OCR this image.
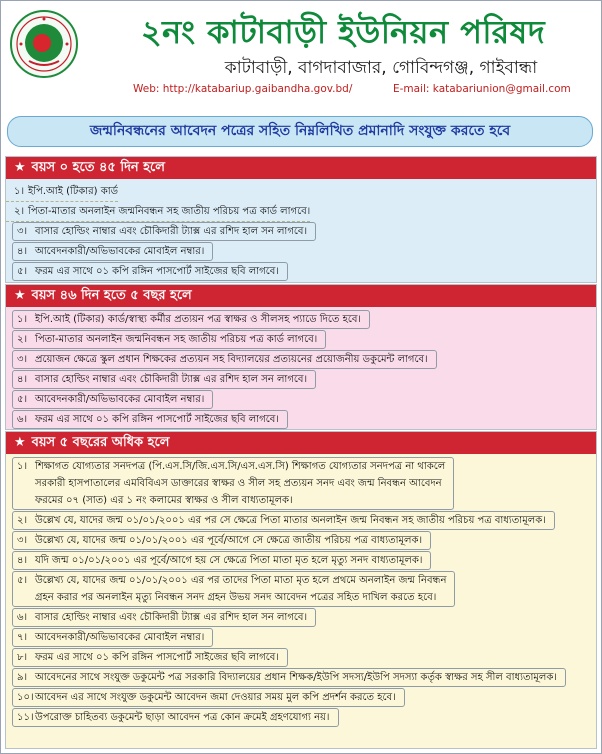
২নং কাটাবাড়ী ইউনিয়ন পরিষদ
কাটাবাড়ী, বাগদাবাজার, গোবিন্দগঞ্জ, গাইবান্ধা
Web: http://katabariup.gaibandha.gov.bd/	E-mail: katabariunion@gmail.com
জন্মনিবন্ধনের আবেদন পত্রের সহিত নিম্নলিখিত প্রমানাদি সংযুক্ত করতে হবে
★ বয়স ০ হতে ৪৫ দিন হলে
১। ইপি.আই (টিকার) কার্ড
২। পিতা-মাতার অনলাইন জন্মনিবন্ধন সহ জাতীয় পরিচয় পত্র কার্ড লাগবে।
৩। বাসার হোল্ডিং নাম্বার এবং চৌকিদারী ট্যাক্স এর রশিদ হাল সন লাগবে।
৪। আবেদনকারী/অভিভাবকের মোবাইল নম্বার।
৫। ফরম এর সাথে ০১ কপি রঙ্গিন পাসপোর্ট সাইজের ছবি লাগবে।
★ বয়স ৪৬ দিন হতে ৫ বছর হলে
১। ইপি.আই (টিকার) কার্ড/স্বাস্থ্য কর্মীর প্রত্যয়ন পত্র স্বাক্ষর ও সীলসহ প্যাডে দিতে হবে।
২। পিতা-মাতার অনলাইন জন্মনিবন্ধন সহ জাতীয় পরিচয় পত্র কার্ড লাগবে।
৩। প্রয়োজন ক্ষেত্রে স্কুল প্রধান শিক্ষকের প্রত্যয়ন সহ বিদ্যালয়ের প্রত্যয়নের প্রয়োজনীয় ডকুমেন্ট লাগবে।
৪। বাসার হোল্ডিং নাম্বার এবং চৌকিদারী ট্যাক্স এর রশিদ হাল সন লাগবে।
৫। আবেদনকারী/অভিভাবকের মোবাইল নম্বার।
৬। ফরম এর সাথে ০১ কপি রঙ্গিন পাসপোর্ট সাইজের ছবি লাগবে।
★ বয়স ৫ বছরের অধিক হলে
১। শিক্ষাগত যোগ্যতার সনদপত্র (পি.এস.সি/জি.এস.সি/এস.এস.সি) শিক্ষাগত যোগ্যতার সনদপত্র না থাকলে
সরকারী হাসপাতালের এমবিবিএস ডাক্তারের স্বাক্ষর ও সীল সহ প্রত্যয়ন সনদ এবং জন্ম নিবন্ধন আবেদন
ফরমের ০৭ (সাত) এর ১ নং কলামের স্বাক্ষর ও সীল বাধ্যতামূলক।
২। উল্লেখ যে, যাদের জন্ম ০১/০১/২০০১ এর পর সে ক্ষেত্রে পিতা মাতার অনলাইন জন্ম নিবন্ধন সহ জাতীয় পরিচয় পত্র বাধ্যতামূলক।
৩। উল্লেখ্য যে, যাদের জন্ম ০১/০১/২০০১ এর পূর্বে/আগে সে ক্ষেত্রে জাতীয় পরিচয় পত্র বাধ্যতামূলক।
৪। যদি জন্ম ০১/০১/২০০১ এর পূর্বে/আগে হয় সে ক্ষেত্রে পিতা মাতা মৃত হলে মৃত্যু সনদ বাধ্যতামূলক।
৫। উল্লেখ্য যে, যাদের জন্ম ০১/০১/২০০১ এর পর তাদের পিতা মাতা মৃত হলে প্রথমে অনলাইন জন্ম নিবন্ধন
গ্রহন করার পর অনলাইন মৃত্যু নিবন্ধন সনদ গ্রহন উভয় সনদ আবেদন পত্রের সহিত দাখিল করতে হবে।
৬। বাসার হোল্ডিং নাম্বার এবং চৌকিদারী ট্যাক্স এর রশিদ হাল সন লাগবে।
৭। আবেদনকারী/অভিভাবকের মোবাইল নম্বার।
৮। ফরম এর সাথে ০১ কপি রঙ্গিন পাসপোর্ট সাইজের ছবি লাগবে।
৯। আবেদনের সাথে সংযুক্ত ডকুমেন্ট পত্র সরকারি বিদ্যালয়ের প্রধান শিক্ষক/ইউপি সদস্য/ইউপি সদস্যা কর্তৃক স্বাক্ষর সহ সীল বাধ্যতামূলক।
১০। আবেদন এর সাথে সংযুক্ত ডকুমেন্ট আবেদন জমা দেওয়ার সময় মুল কপি প্রদর্শন করতে হবে।
১১। উপরোক্ত চাহিতব্য ডকুমেন্ট ছাড়া আবেদন পত্র কোন ক্রমেই গ্রহণযোগ্য নয়।
